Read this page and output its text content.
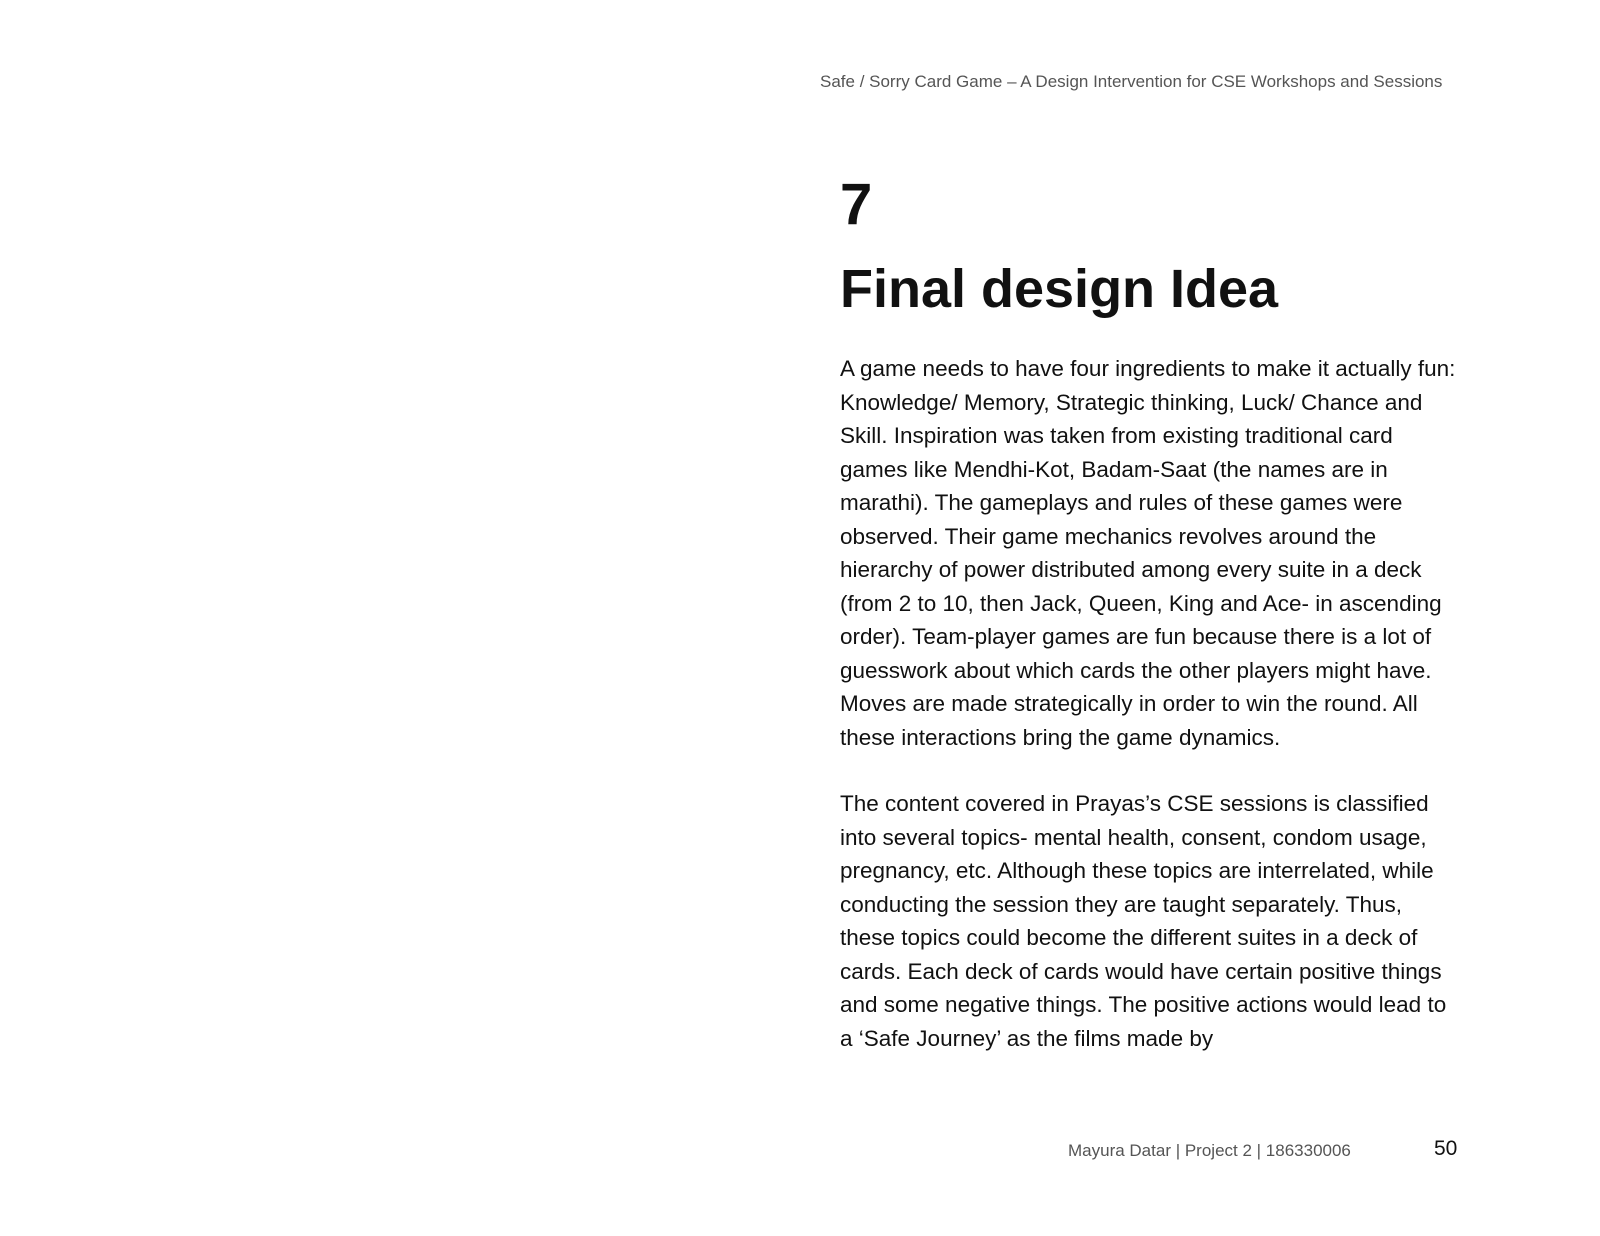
Safe / Sorry Card Game – A Design Intervention for CSE Workshops and Sessions
7
Final design Idea

A game needs to have four ingredients to make it actually fun: Knowledge/ Memory, Strategic thinking, Luck/ Chance and Skill. Inspiration was taken from existing traditional card games like Mendhi-Kot, Badam-Saat (the names are in marathi). The gameplays and rules of these games were observed. Their game mechanics revolves around the hierarchy of power distributed among every suite in a deck (from 2 to 10, then Jack, Queen, King and Ace- in ascending order). Team-player games are fun because there is a lot of guesswork about which cards the other players might have. Moves are made strategically in order to win the round. All these interactions bring the game dynamics.

The content covered in Prayas’s CSE sessions is classified into several topics- mental health, consent, condom usage, pregnancy, etc. Although these topics are interrelated, while conducting the session they are taught separately. Thus, these topics could become the different suites in a deck of cards. Each deck of cards would have certain positive things and some negative things. The positive actions would lead to a ‘Safe Journey’ as the films made by

Mayura Datar | Project 2 | 186330006	50
